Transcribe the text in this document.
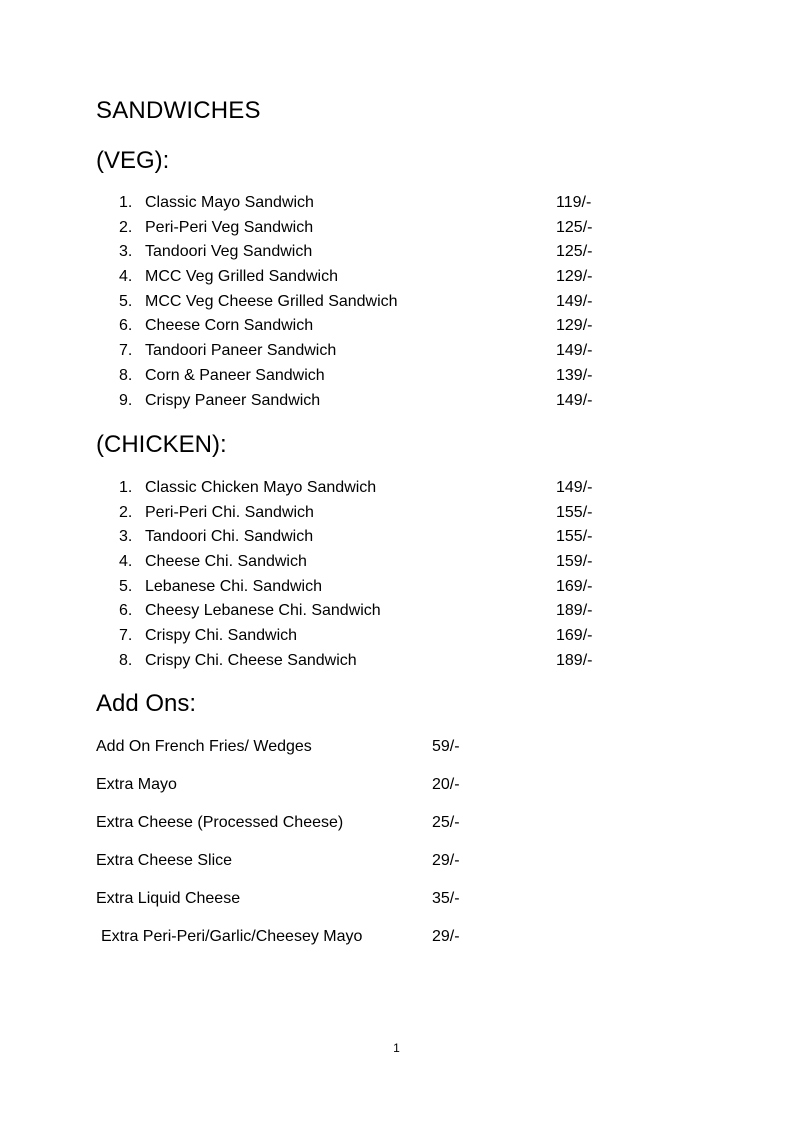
SANDWICHES
(VEG):
1. Classic Mayo Sandwich	119/-
2. Peri-Peri Veg Sandwich	125/-
3. Tandoori Veg Sandwich	125/-
4. MCC Veg Grilled Sandwich	129/-
5. MCC Veg Cheese Grilled Sandwich	149/-
6. Cheese Corn Sandwich	129/-
7. Tandoori Paneer Sandwich	149/-
8. Corn & Paneer Sandwich	139/-
9. Crispy Paneer Sandwich	149/-
(CHICKEN):
1. Classic Chicken Mayo Sandwich	149/-
2. Peri-Peri Chi. Sandwich	155/-
3. Tandoori Chi. Sandwich	155/-
4. Cheese Chi. Sandwich	159/-
5. Lebanese Chi. Sandwich	169/-
6. Cheesy Lebanese Chi. Sandwich	189/-
7. Crispy Chi. Sandwich	169/-
8. Crispy Chi. Cheese Sandwich	189/-
Add Ons:
Add On French Fries/ Wedges	59/-
Extra Mayo	20/-
Extra Cheese (Processed Cheese)	25/-
Extra Cheese Slice	29/-
Extra Liquid Cheese	35/-
Extra Peri-Peri/Garlic/Cheesey Mayo	29/-
1
